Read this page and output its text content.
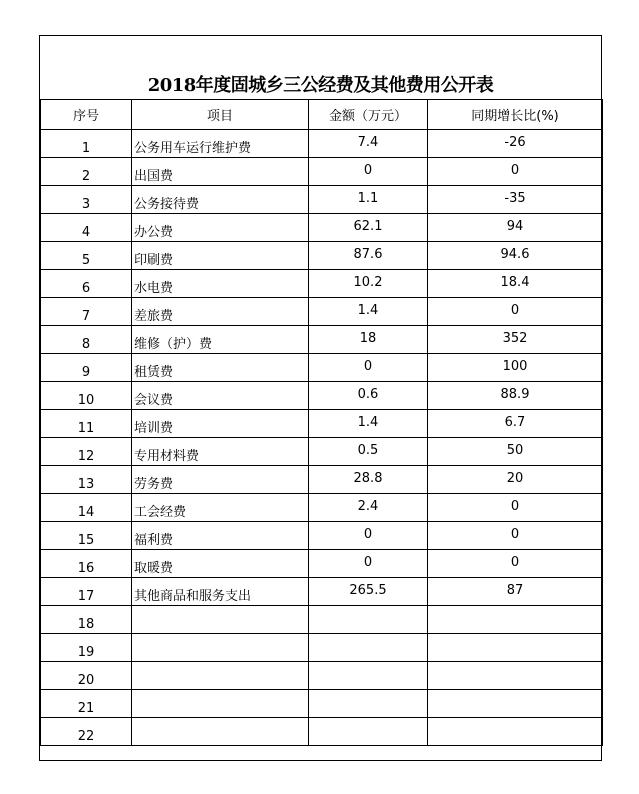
2018年度固城乡三公经费及其他费用公开表
序号	项目	金额（万元）	同期增长比(%)
1	公务用车运行维护费	7.4	-26
2	出国费	0	0
3	公务接待费	1.1	-35
4	办公费	62.1	94
5	印刷费	87.6	94.6
6	水电费	10.2	18.4
7	差旅费	1.4	0
8	维修（护）费	18	352
9	租赁费	0	100
10	会议费	0.6	88.9
11	培训费	1.4	6.7
12	专用材料费	0.5	50
13	劳务费	28.8	20
14	工会经费	2.4	0
15	福利费	0	0
16	取暖费	0	0
17	其他商品和服务支出	265.5	87
18			
19			
20			
21			
22			
